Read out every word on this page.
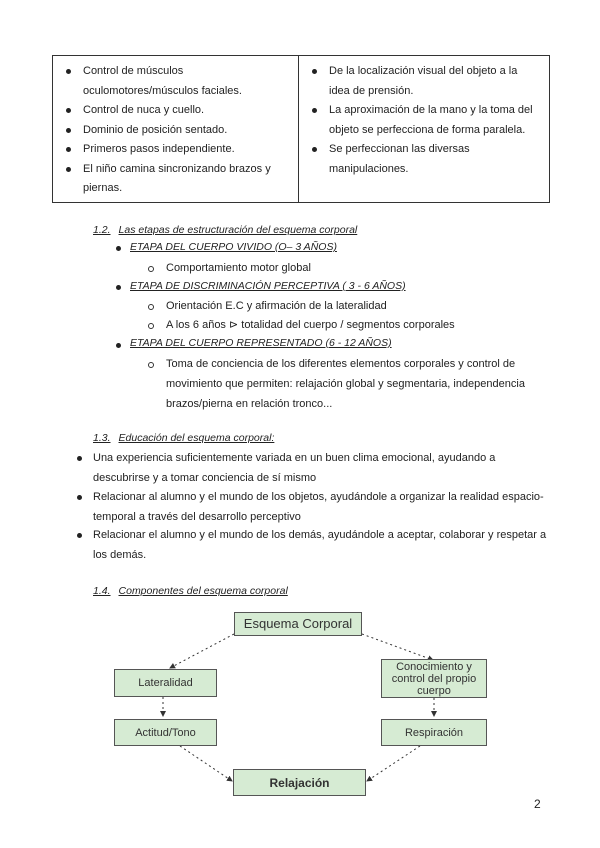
Control de músculos oculomotores/músculos faciales.
Control de nuca y cuello.
Dominio de posición sentado.
Primeros pasos independiente.
El niño camina sincronizando brazos y piernas.
De la localización visual del objeto a la idea de prensión.
La aproximación de la mano y la toma del objeto se perfecciona de forma paralela.
Se perfeccionan las diversas manipulaciones.
1.2. Las etapas de estructuración del esquema corporal
ETAPA DEL CUERPO VIVIDO (O– 3 AÑOS)
Comportamiento motor global
ETAPA DE DISCRIMINACIÓN PERCEPTIVA ( 3 - 6 AÑOS)
Orientación E.C y afirmación de la lateralidad
A los 6 años ⊳ totalidad del cuerpo / segmentos corporales
ETAPA DEL CUERPO REPRESENTADO (6 - 12 AÑOS)
Toma de conciencia de los diferentes elementos corporales y control de movimiento que permiten: relajación global y segmentaria, independencia brazos/pierna en relación tronco...
1.3. Educación del esquema corporal:
Una experiencia suficientemente variada en un buen clima emocional, ayudando a descubrirse y a tomar conciencia de sí mismo
Relacionar al alumno y el mundo de los objetos, ayudándole a organizar la realidad espacio-temporal a través del desarrollo perceptivo
Relacionar el alumno y el mundo de los demás, ayudándole a aceptar, colaborar y respetar a los demás.
1.4. Componentes del esquema corporal
Esquema Corporal
Lateralidad
Conocimiento y control del propio cuerpo
Actitud/Tono	Respiración
Relajación
2
